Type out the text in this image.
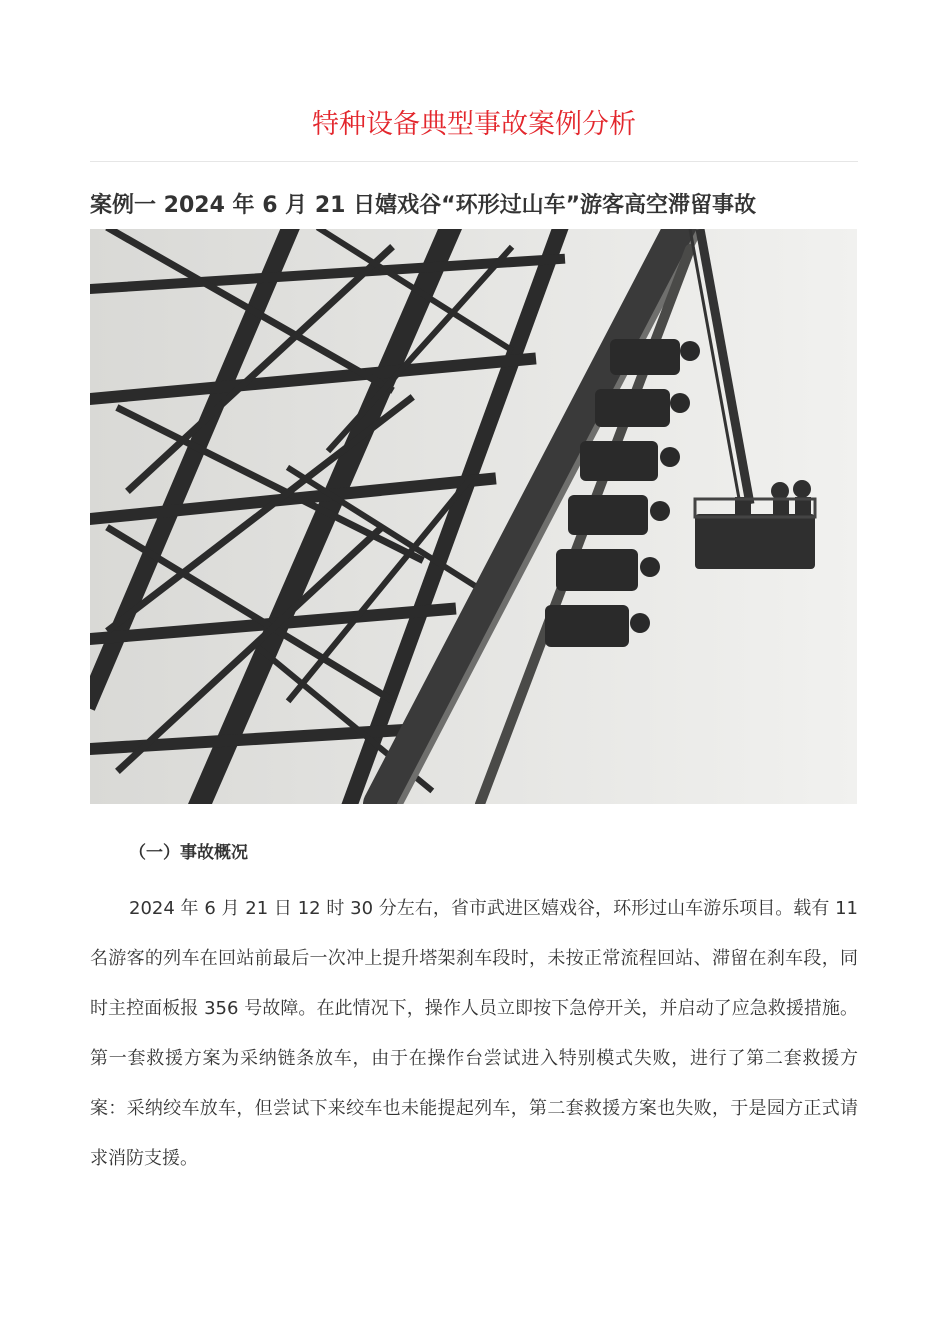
特种设备典型事故案例分析
案例一 2024 年 6 月 21 日嬉戏谷“环形过山车”游客高空滞留事故
（一）事故概况

2024 年 6 月 21 日 12 时 30 分左右，省市武进区嬉戏谷，环形过山车游乐项目。载有 11 名游客的列车在回站前最后一次冲上提升塔架刹车段时，未按正常流程回站、滞留在刹车段，同时主控面板报 356 号故障。在此情况下，操作人员立即按下急停开关，并启动了应急救援措施。第一套救援方案为采纳链条放车，由于在操作台尝试进入特别模式失败，进行了第二套救援方案：采纳绞车放车，但尝试下来绞车也未能提起列车，第二套救援方案也失败，于是园方正式请求消防支援。
